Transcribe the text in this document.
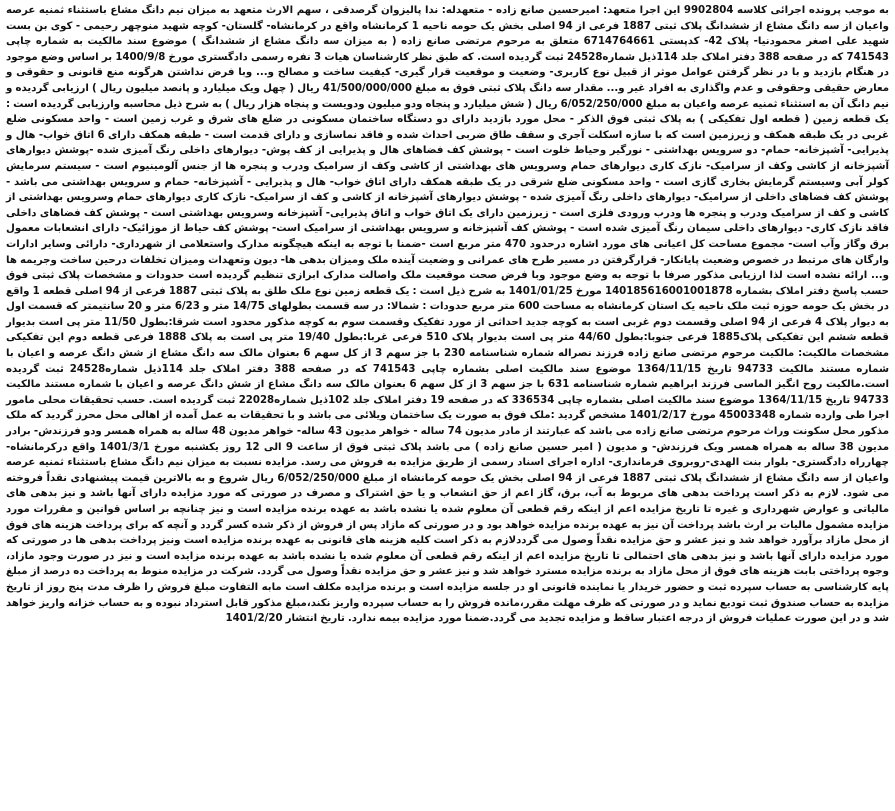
به موجب پرونده اجرائی کلاسه 9902804 این اجرا متعهد: امیرحسین صانع زاده - متعهدله: ندا پالیزوان گرصدقی ، سهم الارث متعهد به میزان نیم دانگ مشاع باستثناء ثمنیه عرصه واعیان از سه دانگ مشاع از ششدانگ پلاک ثبتی 1887 فرعی از 94 اصلی بخش یک حومه ناحیه 1 کرمانشاه واقع در کرمانشاه- گلستان- کوچه شهید منوچهر رحیمی - کوی بن بست شهید علی اصغر محمودنیا- پلاک 42- کدپستی 6714764661 متعلق به مرحوم مرتضی صانع زاده ( به میزان سه دانگ مشاع از ششدانگ ) موضوع سند مالکیت به شماره چاپی 741543 که در صفحه 388 دفتر املاک جلد 114ذیل شماره24528 ثبت گردیده است. که طبق نظر کارشناسان هیات 3 نفره رسمی دادگستری مورخ 1400/9/8 بر اساس وضع موجود در هنگام بازدید و با در نظر گرفتن عوامل موثر از قبیل نوع کاربری- وضعیت و موقعیت قرار گیری- کیفیت ساخت و مصالح و... وبا فرض نداشتن هرگونه منع قانونی و حقوقی و معارض حقیقی وحقوقی و عدم واگذاری به افراد غیر و... مقدار سه دانگ پلاک ثبتی فوق به مبلغ 41/500/000/000 ریال ( چهل ویک میلیارد و پانصد میلیون ریال ) ارزیابی گردیده و نیم دانگ آن به استثناء ثمنیه عرصه واعیان به مبلغ 6/052/250/000 ریال ( شش میلیارد و پنجاه ودو میلیون ودویست و پنجاه هزار ریال ) به شرح ذیل محاسبه وارزیابی گردیده است : یک قطعه زمین ( قطعه اول تفکیکی ) به پلاک ثبتی فوق الذکر - محل مورد بازدید دارای دو دستگاه ساختمان مسکونی در ضلع های شرق و غرب زمین است - واحد مسکونی ضلع غربی در یک طبقه همکف و زیرزمین است که با سازه اسکلت آجری و سقف طاق ضربی احداث شده و فاقد نماسازی و دارای قدمت است - طبقه همکف دارای 6 اتاق خواب- هال و پذیرایی- آشپزخانه- حمام- دو سرویس بهداشتی - نورگیر وحیاط خلوت است - پوشش کف فضاهای هال و پذیرایی از کف پوش- دیوارهای داخلی رنگ آمیزی شده -پوشش دیوارهای آشپزخانه از کاشی وکف از سرامیک- نازک کاری دیوارهای حمام وسرویس های بهداشتی از کاشی وکف از سرامیک ودرب و پنجره ها از جنس آلومینیوم است - سیستم سرمایش کولر آبی وسیستم گرمایش بخاری گازی است - واحد مسکونی ضلع شرقی در یک طبقه همکف دارای اتاق خواب- هال و پذیرایی - آشپزخانه- حمام و سرویس بهداشتی می باشد - پوشش کف فضاهای داخلی از سرامیک- دیوارهای داخلی رنگ آمیزی شده - پوشش دیوارهای آشپزخانه از کاشی و کف از سرامیک- نازک کاری دیوارهای حمام وسرویس بهداشتی از کاشی و کف از سرامیک ودرب و پنجره ها ودرب ورودی فلزی است - زیرزمین دارای یک اتاق خواب و اتاق پذیرایی- آشپزخانه وسرویس بهداشتی است - پوشش کف فضاهای داخلی فاقد نازک کاری- دیوارهای داخلی سیمان رنگ آمیزی شده است - پوشش کف آشپزخانه و سرویس بهداشتی از سرامیک است- پوشش کف حیاط از موزائیک- دارای انشعابات معمول برق وگاز وآب است- مجموع مساحت کل اعیانی های مورد اشاره درحدود 470 متر مربع است -ضمنا با توجه به اینکه هیچگونه مدارک واستعلامی از شهرداری- دارائی وسایر ادارات وارگان های مرتبط در خصوص وضعیت پایانکار- قرارگرفتن در مسیر طرح های عمرانی و وضعیت آینده ملک ومیزان بدهی ها- دیون وتعهدات ومیزان تخلفات درحین ساخت وجریمه ها و... ارائه نشده است لذا ارزیابی مذکور صرفا با توجه به وضع موجود وبا فرض صحت موقعیت ملک واصالت مدارک ابرازی تنظیم گردیده است حدودات و مشخصات پلاک ثبتی فوق حسب پاسخ دفتر املاک بشماره 140185616001001878 مورخ 1401/01/25 به شرح ذیل است : یک قطعه زمین نوع ملک طلق به پلاک ثبتی 1887 فرعی از 94 اصلی قطعه 1 واقع در بخش یک حومه حوزه ثبت ملک ناحیه یک استان کرمانشاه به مساحت 600 متر مربع حدودات : شمالا: در سه قسمت بطولهای 14/75 متر و 6/23 متر و 20 سانتیمتر که قسمت اول به دیوار پلاک 4 فرعی از 94 اصلی وقسمت دوم غربی است به کوچه جدید احداثی از مورد تفکیک وقسمت سوم به کوچه مذکور محدود است شرقا:بطول 11/50 متر پی است بدیوار قطعه ششم این تفکیکی پلاک1885 فرعی جنوبا:بطول 44/60 متر پی است بدیوار پلاک 510 فرعی غربا:بطول 19/40 متر پی است به پلاک 1888 فرعی قطعه دوم این تفکیکی مشخصات مالکیت: مالکیت مرحوم مرتضی صانع زاده فرزند نصراله شماره شناسنامه 230 با جز سهم 3 از کل سهم 6 بعنوان مالک سه دانگ مشاع از شش دانگ عرصه و اعیان با شماره مستند مالکیت 94733 تاریخ 1364/11/15 موضوع سند مالکیت اصلی بشماره چاپی 741543 که در صفحه 388 دفتر املاک جلد 114ذیل شماره24528 ثبت گردیده است.مالکیت روح انگیز الماسی فرزند ابراهیم شماره شناسنامه 631 با جز سهم 3 از کل سهم 6 بعنوان مالک سه دانگ مشاع از شش دانگ عرصه و اعیان با شماره مستند مالکیت 94733 تاریخ 1364/11/15 موضوع سند مالکیت اصلی بشماره چاپی 336534 که در صفحه 19 دفتر املاک جلد 102ذیل شماره22028 ثبت گردیده است. حسب تحقیقات محلی مامور اجرا طی وارده شماره 45003348 مورخ 1401/2/17 مشخص گردید :ملک فوق به صورت یک ساختمان ویلائی می باشد و با تحقیقات به عمل آمده از اهالی محل محرز گردید که ملک مذکور محل سکونت وراث مرحوم مرتضی صانع زاده می باشد که عبارتند از مادر مدیون 74 ساله - خواهر مدیون 43 ساله- خواهر مدیون 48 ساله به همراه همسر ودو فرزندش- برادر مدیون 38 ساله به همراه همسر ویک فرزندش- و مدیون ( امیر حسین صانع زاده ) می باشد پلاک ثبتی فوق از ساعت 9 الی 12 روز یکشنبه مورخ 1401/3/1 واقع درکرمانشاه- چهارراه دادگستری- بلوار بنت الهدی-روبروی فرمانداری- اداره اجرای اسناد رسمی از طریق مزایده به فروش می رسد. مزایده نسبت به میزان نیم دانگ مشاع باستثناء ثمنیه عرصه واعیان از سه دانگ مشاع از ششدانگ پلاک ثبتی 1887 فرعی از 94 اصلی بخش یک حومه کرمانشاه از مبلغ 6/052/250/000 ریال شروع و به بالاترین قیمت پیشنهادی نقداً فروخته می شود. لازم به ذکر است پرداخت بدهی های مربوط به آب، برق، گاز اعم از حق انشعاب و یا حق اشتراک و مصرف در صورتی که مورد مزایده دارای آنها باشد و نیز بدهی های مالیاتی و عوارض شهرداری و غیره تا تاریخ مزایده اعم از اینکه رقم قطعی آن معلوم شده یا نشده باشد به عهده برنده مزایده است و نیز چنانچه بر اساس قوانین و مقررات مورد مزایده مشمول مالیات بر ارث باشد پرداخت آن نیز به عهده برنده مزایده خواهد بود و در صورتی که مازاد پس از فروش از ذکر شده کسر گردد و آنچه که برای پرداخت هزینه های فوق از محل مازاد برآورد خواهد شد و نیز عشر و حق مزایده نقداً وصول می گرددلازم به ذکر است کلیه هزینه های قانونی به عهده برنده مزایده است ونیز پرداخت بدهی ها در صورتی که مورد مزایده دارای آنها باشد و نیز بدهی های احتمالی تا تاریخ مزایده اعم از اینکه رقم قطعی آن معلوم شده یا نشده باشد به عهده برنده مزایده است و نیز در صورت وجود مازاد، وجوه پرداختی بابت هزینه های فوق از محل مازاد به برنده مزایده مسترد خواهد شد و نیز عشر و حق مزایده نقداً وصول می گردد. شرکت در مزایده منوط به پرداخت ده درصد از مبلغ پایه کارشناسی به حساب سپرده ثبت و حضور خریدار یا نماینده قانونی او در جلسه مزایده است و برنده مزایده مکلف است مابه التفاوت مبلغ فروش را ظرف مدت پنج روز از تاریخ مزایده به حساب صندوق ثبت تودیع نماید و در صورتی که ظرف مهلت مقرر،مانده فروش را به حساب سپرده واریز نکند،مبلغ مذکور قابل استرداد نبوده و به حساب خزانه واریز خواهد شد و در این صورت عملیات فروش از درجه اعتبار ساقط و مزایده تجدید می گردد.ضمنا مورد مزایده بیمه ندارد. تاریخ انتشار 1401/2/20
